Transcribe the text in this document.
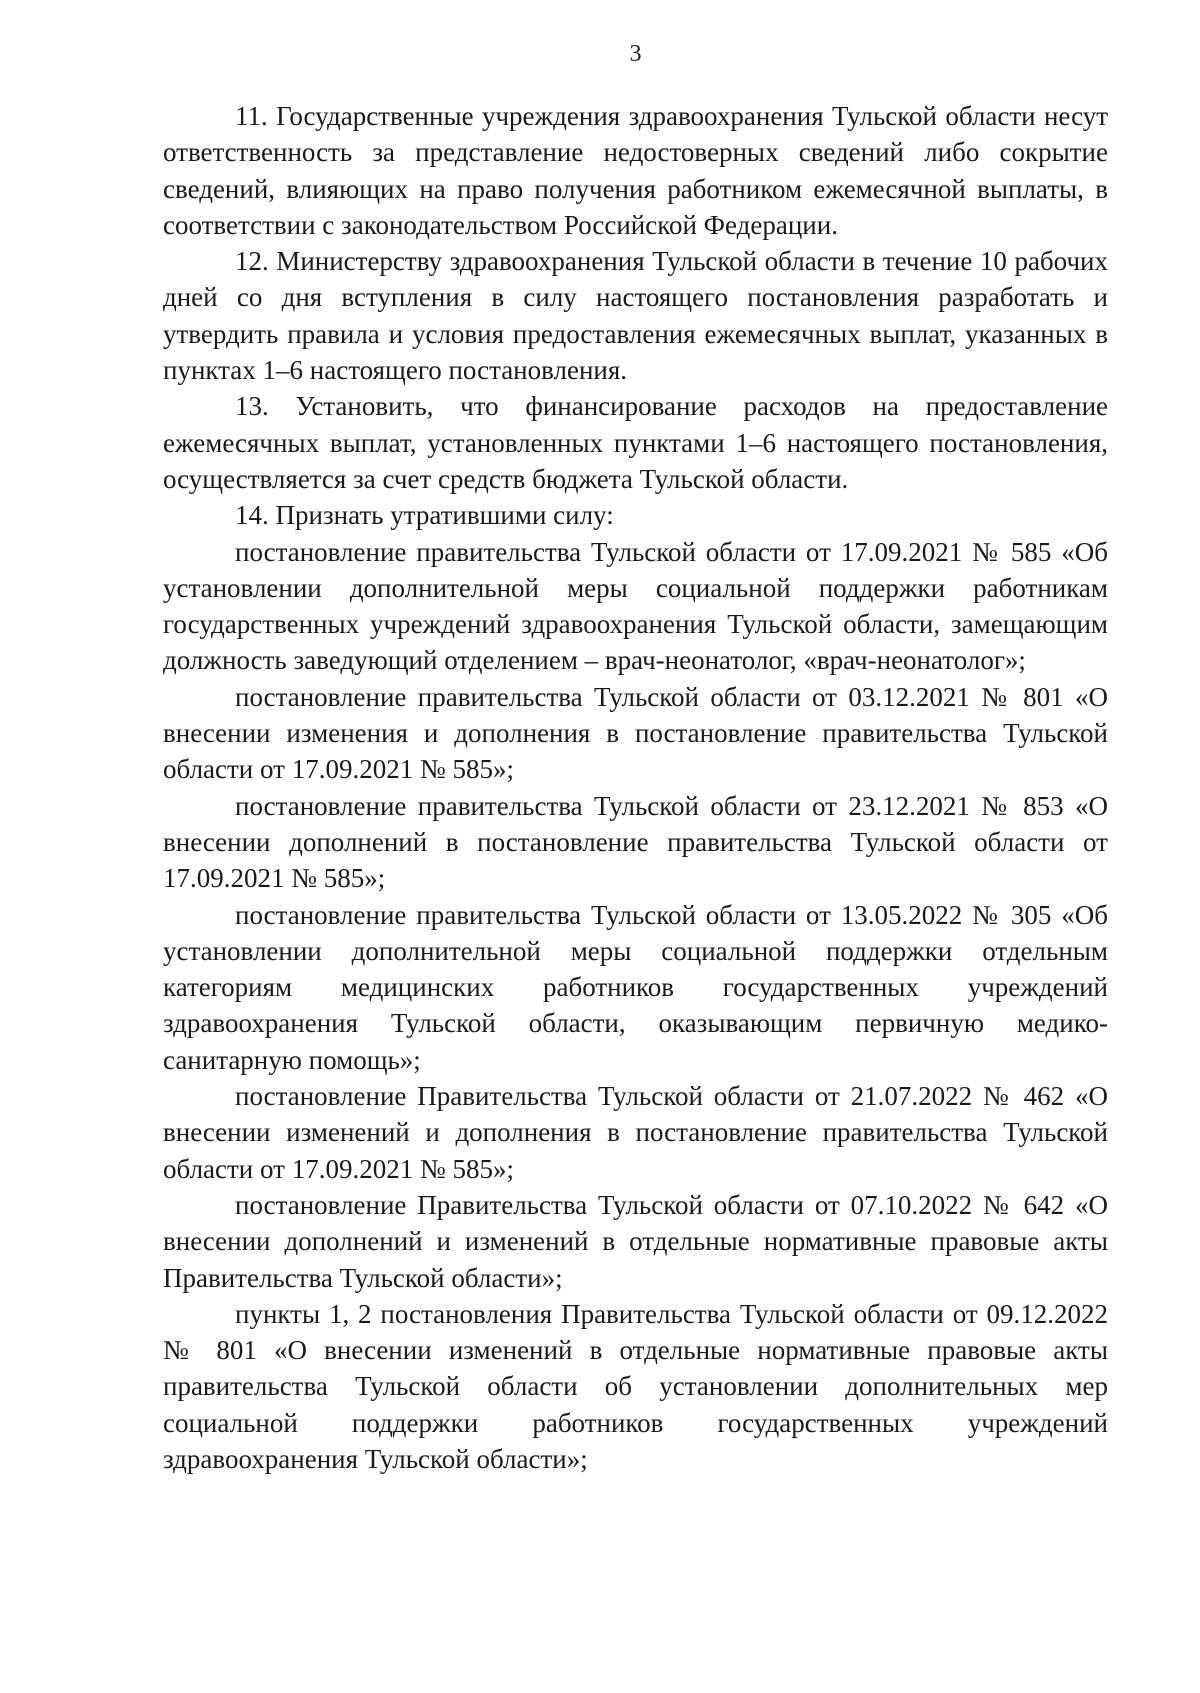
3

11. Государственные учреждения здравоохранения Тульской области несут ответственность за представление недостоверных сведений либо сокрытие сведений, влияющих на право получения работником ежемесячной выплаты, в соответствии с законодательством Российской Федерации.

12. Министерству здравоохранения Тульской области в течение 10 рабочих дней со дня вступления в силу настоящего постановления разработать и утвердить правила и условия предоставления ежемесячных выплат, указанных в пунктах 1–6 настоящего постановления.

13. Установить, что финансирование расходов на предоставление ежемесячных выплат, установленных пунктами 1–6 настоящего постановления, осуществляется за счет средств бюджета Тульской области.

14. Признать утратившими силу:

постановление правительства Тульской области от 17.09.2021 № 585 «Об установлении дополнительной меры социальной поддержки работникам государственных учреждений здравоохранения Тульской области, замещающим должность заведующий отделением – врач-неонатолог, «врач-неонатолог»;

постановление правительства Тульской области от 03.12.2021 № 801 «О внесении изменения и дополнения в постановление правительства Тульской области от 17.09.2021 № 585»;

постановление правительства Тульской области от 23.12.2021 № 853 «О внесении дополнений в постановление правительства Тульской области от 17.09.2021 № 585»;

постановление правительства Тульской области от 13.05.2022 № 305 «Об установлении дополнительной меры социальной поддержки отдельным категориям медицинских работников государственных учреждений здравоохранения Тульской области, оказывающим первичную медико-санитарную помощь»;

постановление Правительства Тульской области от 21.07.2022 № 462 «О внесении изменений и дополнения в постановление правительства Тульской области от 17.09.2021 № 585»;

постановление Правительства Тульской области от 07.10.2022 № 642 «О внесении дополнений и изменений в отдельные нормативные правовые акты Правительства Тульской области»;

пункты 1, 2 постановления Правительства Тульской области от 09.12.2022 № 801 «О внесении изменений в отдельные нормативные правовые акты правительства Тульской области об установлении дополнительных мер социальной поддержки работников государственных учреждений здравоохранения Тульской области»;
